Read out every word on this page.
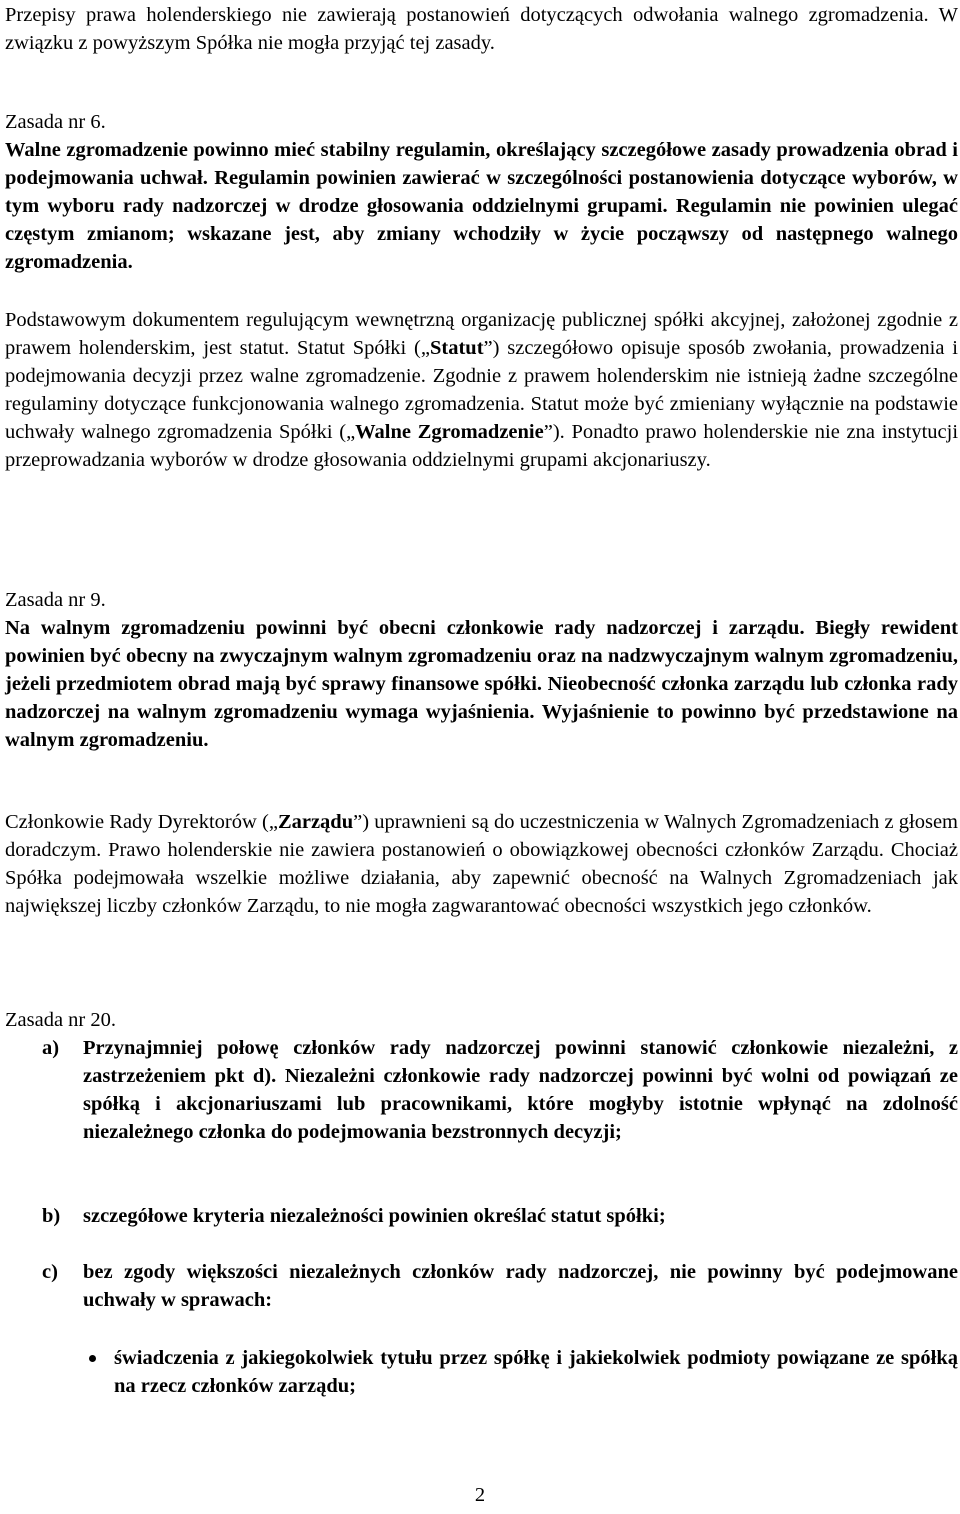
Przepisy prawa holenderskiego nie zawierają postanowień dotyczących odwołania walnego zgromadzenia. W związku z powyższym Spółka nie mogła przyjąć tej zasady.

Zasada nr 6.

Walne zgromadzenie powinno mieć stabilny regulamin, określający szczegółowe zasady prowadzenia obrad i podejmowania uchwał. Regulamin powinien zawierać w szczególności postanowienia dotyczące wyborów, w tym wyboru rady nadzorczej w drodze głosowania oddzielnymi grupami. Regulamin nie powinien ulegać częstym zmianom; wskazane jest, aby zmiany wchodziły w życie począwszy od następnego walnego zgromadzenia.

Podstawowym dokumentem regulującym wewnętrzną organizację publicznej spółki akcyjnej, założonej zgodnie z prawem holenderskim, jest statut. Statut Spółki („Statut”) szczegółowo opisuje sposób zwołania, prowadzenia i podejmowania decyzji przez walne zgromadzenie. Zgodnie z prawem holenderskim nie istnieją żadne szczególne regulaminy dotyczące funkcjonowania walnego zgromadzenia. Statut może być zmieniany wyłącznie na podstawie uchwały walnego zgromadzenia Spółki („Walne Zgromadzenie”). Ponadto prawo holenderskie nie zna instytucji przeprowadzania wyborów w drodze głosowania oddzielnymi grupami akcjonariuszy.

Zasada nr 9.

Na walnym zgromadzeniu powinni być obecni członkowie rady nadzorczej i zarządu. Biegły rewident powinien być obecny na zwyczajnym walnym zgromadzeniu oraz na nadzwyczajnym walnym zgromadzeniu, jeżeli przedmiotem obrad mają być sprawy finansowe spółki. Nieobecność członka zarządu lub członka rady nadzorczej na walnym zgromadzeniu wymaga wyjaśnienia. Wyjaśnienie to powinno być przedstawione na walnym zgromadzeniu.

Członkowie Rady Dyrektorów („Zarządu”) uprawnieni są do uczestniczenia w Walnych Zgromadzeniach z głosem doradczym. Prawo holenderskie nie zawiera postanowień o obowiązkowej obecności członków Zarządu. Chociaż Spółka podejmowała wszelkie możliwe działania, aby zapewnić obecność na Walnych Zgromadzeniach jak największej liczby członków Zarządu, to nie mogła zagwarantować obecności wszystkich jego członków.

Zasada nr 20.

a) Przynajmniej połowę członków rady nadzorczej powinni stanowić członkowie niezależni, z zastrzeżeniem pkt d). Niezależni członkowie rady nadzorczej powinni być wolni od powiązań ze spółką i akcjonariuszami lub pracownikami, które mogłyby istotnie wpłynąć na zdolność niezależnego członka do podejmowania bezstronnych decyzji;
b) szczegółowe kryteria niezależności powinien określać statut spółki;
c) bez zgody większości niezależnych członków rady nadzorczej, nie powinny być podejmowane uchwały w sprawach:
świadczenia z jakiegokolwiek tytułu przez spółkę i jakiekolwiek podmioty powiązane ze spółką na rzecz członków zarządu;
2
